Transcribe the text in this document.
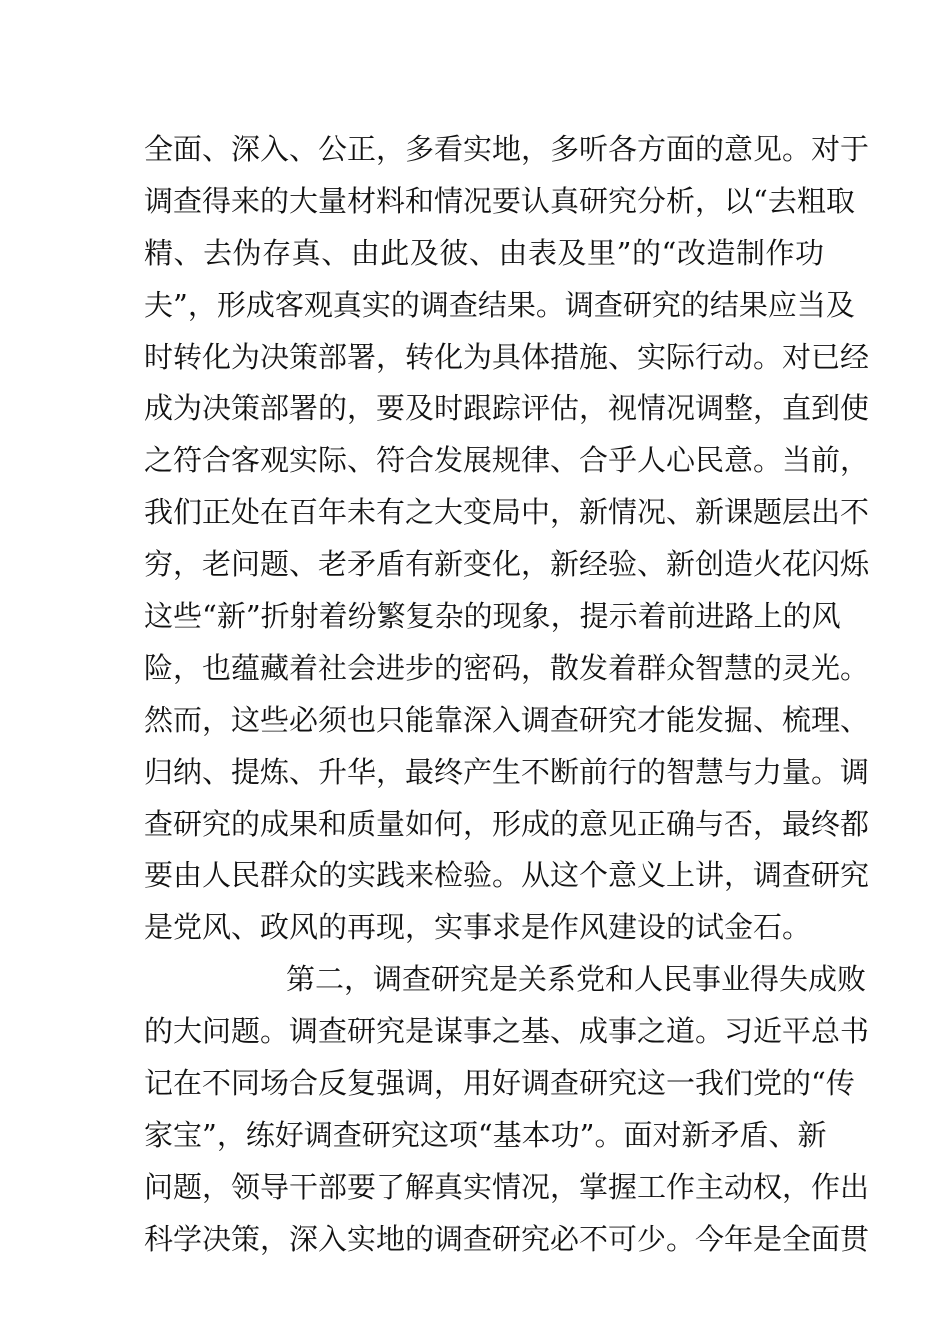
全面、深入、公正，多看实地，多听各方面的意见。对于
调查得来的大量材料和情况要认真研究分析，以“去粗取
精、去伪存真、由此及彼、由表及里”的“改造制作功
夫”，形成客观真实的调查结果。调查研究的结果应当及
时转化为决策部署，转化为具体措施、实际行动。对已经
成为决策部署的，要及时跟踪评估，视情况调整，直到使
之符合客观实际、符合发展规律、合乎人心民意。当前，
我们正处在百年未有之大变局中，新情况、新课题层出不
穷，老问题、老矛盾有新变化，新经验、新创造火花闪烁
这些“新”折射着纷繁复杂的现象，提示着前进路上的风
险，也蕴藏着社会进步的密码，散发着群众智慧的灵光。
然而，这些必须也只能靠深入调查研究才能发掘、梳理、
归纳、提炼、升华，最终产生不断前行的智慧与力量。调
查研究的成果和质量如何，形成的意见正确与否，最终都
要由人民群众的实践来检验。从这个意义上讲，调查研究
是党风、政风的再现，实事求是作风建设的试金石。
第二，调查研究是关系党和人民事业得失成败
的大问题。调查研究是谋事之基、成事之道。习近平总书
记在不同场合反复强调，用好调查研究这一我们党的“传
家宝”，练好调查研究这项“基本功”。面对新矛盾、新
问题，领导干部要了解真实情况，掌握工作主动权，作出
科学决策，深入实地的调查研究必不可少。今年是全面贯
